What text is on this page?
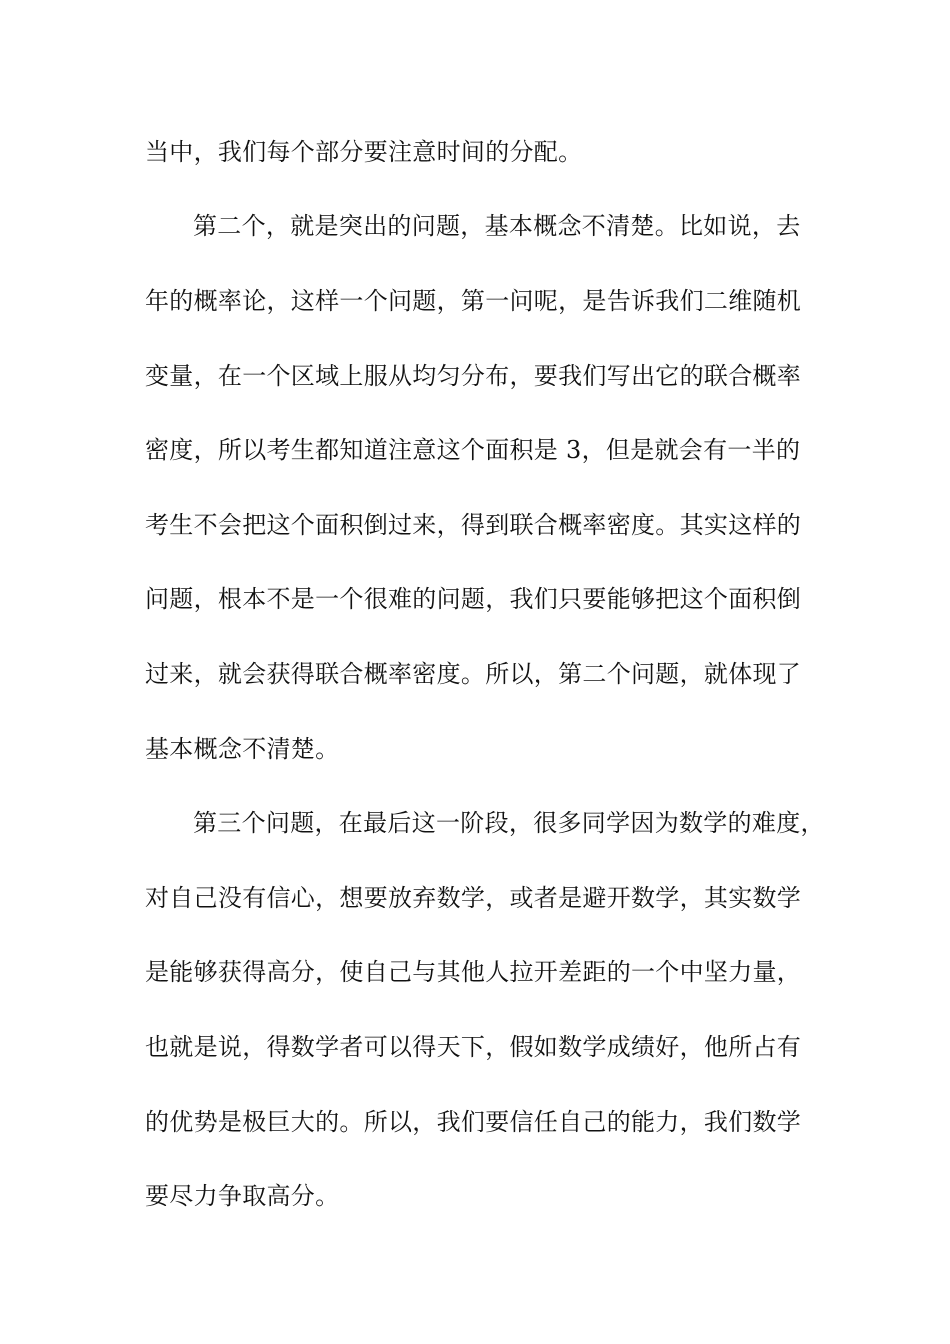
当中，我们每个部分要注意时间的分配。
第二个，就是突出的问题，基本概念不清楚。比如说，去
年的概率论，这样一个问题，第一问呢，是告诉我们二维随机
变量，在一个区域上服从均匀分布，要我们写出它的联合概率
密度，所以考生都知道注意这个面积是 3，但是就会有一半的
考生不会把这个面积倒过来，得到联合概率密度。其实这样的
问题，根本不是一个很难的问题，我们只要能够把这个面积倒
过来，就会获得联合概率密度。所以，第二个问题，就体现了
基本概念不清楚。
第三个问题，在最后这一阶段，很多同学因为数学的难度，
对自己没有信心，想要放弃数学，或者是避开数学，其实数学
是能够获得高分，使自己与其他人拉开差距的一个中坚力量，
也就是说，得数学者可以得天下，假如数学成绩好，他所占有
的优势是极巨大的。所以，我们要信任自己的能力，我们数学
要尽力争取高分。
